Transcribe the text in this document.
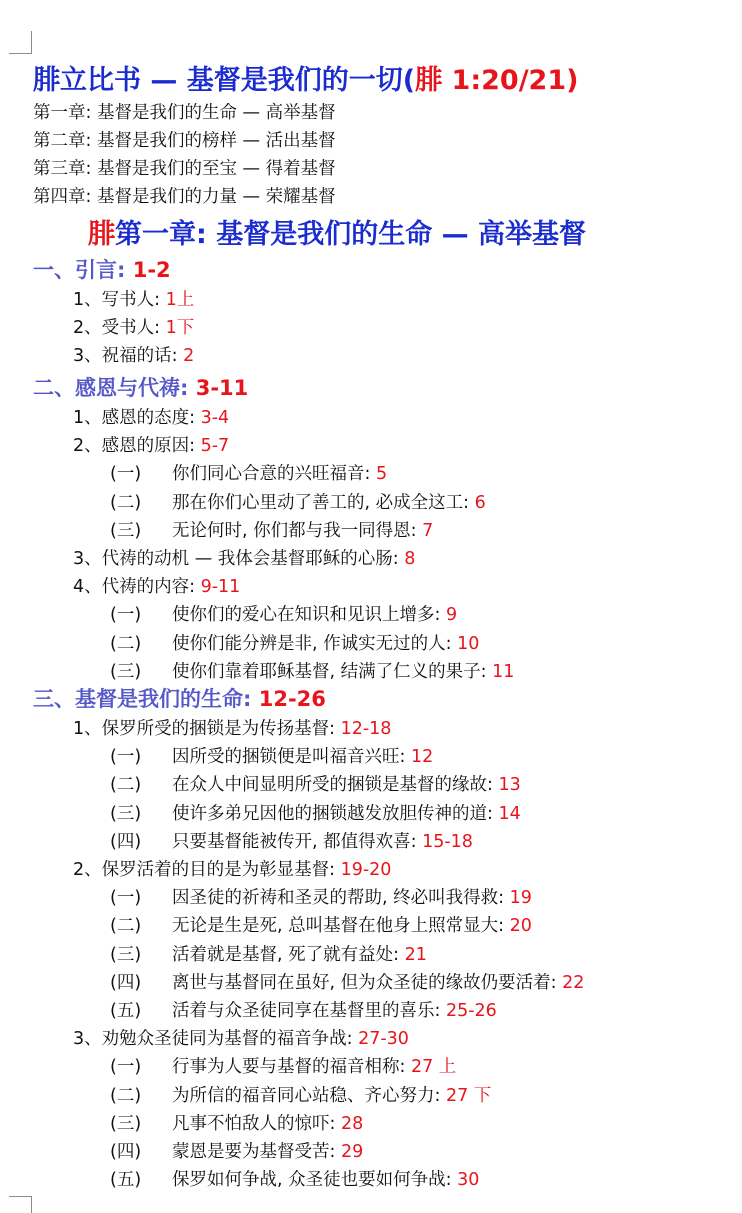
腓立比书 — 基督是我们的一切(腓 1:20/21)
第一章: 基督是我们的生命 — 高举基督
第二章: 基督是我们的榜样 — 活出基督
第三章: 基督是我们的至宝 — 得着基督
第四章: 基督是我们的力量 — 荣耀基督
腓第一章: 基督是我们的生命 — 高举基督
一、引言: 1-2
1、写书人: 1上
2、受书人: 1下
3、祝福的话: 2
二、感恩与代祷: 3-11
1、感恩的态度: 3-4
2、感恩的原因: 5-7
(一) 你们同心合意的兴旺福音: 5
(二) 那在你们心里动了善工的, 必成全这工: 6
(三) 无论何时, 你们都与我一同得恩: 7
3、代祷的动机 — 我体会基督耶稣的心肠: 8
4、代祷的内容: 9-11
(一) 使你们的爱心在知识和见识上增多: 9
(二) 使你们能分辨是非, 作诚实无过的人: 10
(三) 使你们靠着耶稣基督, 结满了仁义的果子: 11
三、基督是我们的生命: 12-26
1、保罗所受的捆锁是为传扬基督: 12-18
(一) 因所受的捆锁便是叫福音兴旺: 12
(二) 在众人中间显明所受的捆锁是基督的缘故: 13
(三) 使许多弟兄因他的捆锁越发放胆传神的道: 14
(四) 只要基督能被传开, 都值得欢喜: 15-18
2、保罗活着的目的是为彰显基督: 19-20
(一) 因圣徒的祈祷和圣灵的帮助, 终必叫我得救: 19
(二) 无论是生是死, 总叫基督在他身上照常显大: 20
(三) 活着就是基督, 死了就有益处: 21
(四) 离世与基督同在虽好, 但为众圣徒的缘故仍要活着: 22
(五) 活着与众圣徒同享在基督里的喜乐: 25-26
3、劝勉众圣徒同为基督的福音争战: 27-30
(一) 行事为人要与基督的福音相称: 27 上
(二) 为所信的福音同心站稳、齐心努力: 27 下
(三) 凡事不怕敌人的惊吓: 28
(四) 蒙恩是要为基督受苦: 29
(五) 保罗如何争战, 众圣徒也要如何争战: 30
